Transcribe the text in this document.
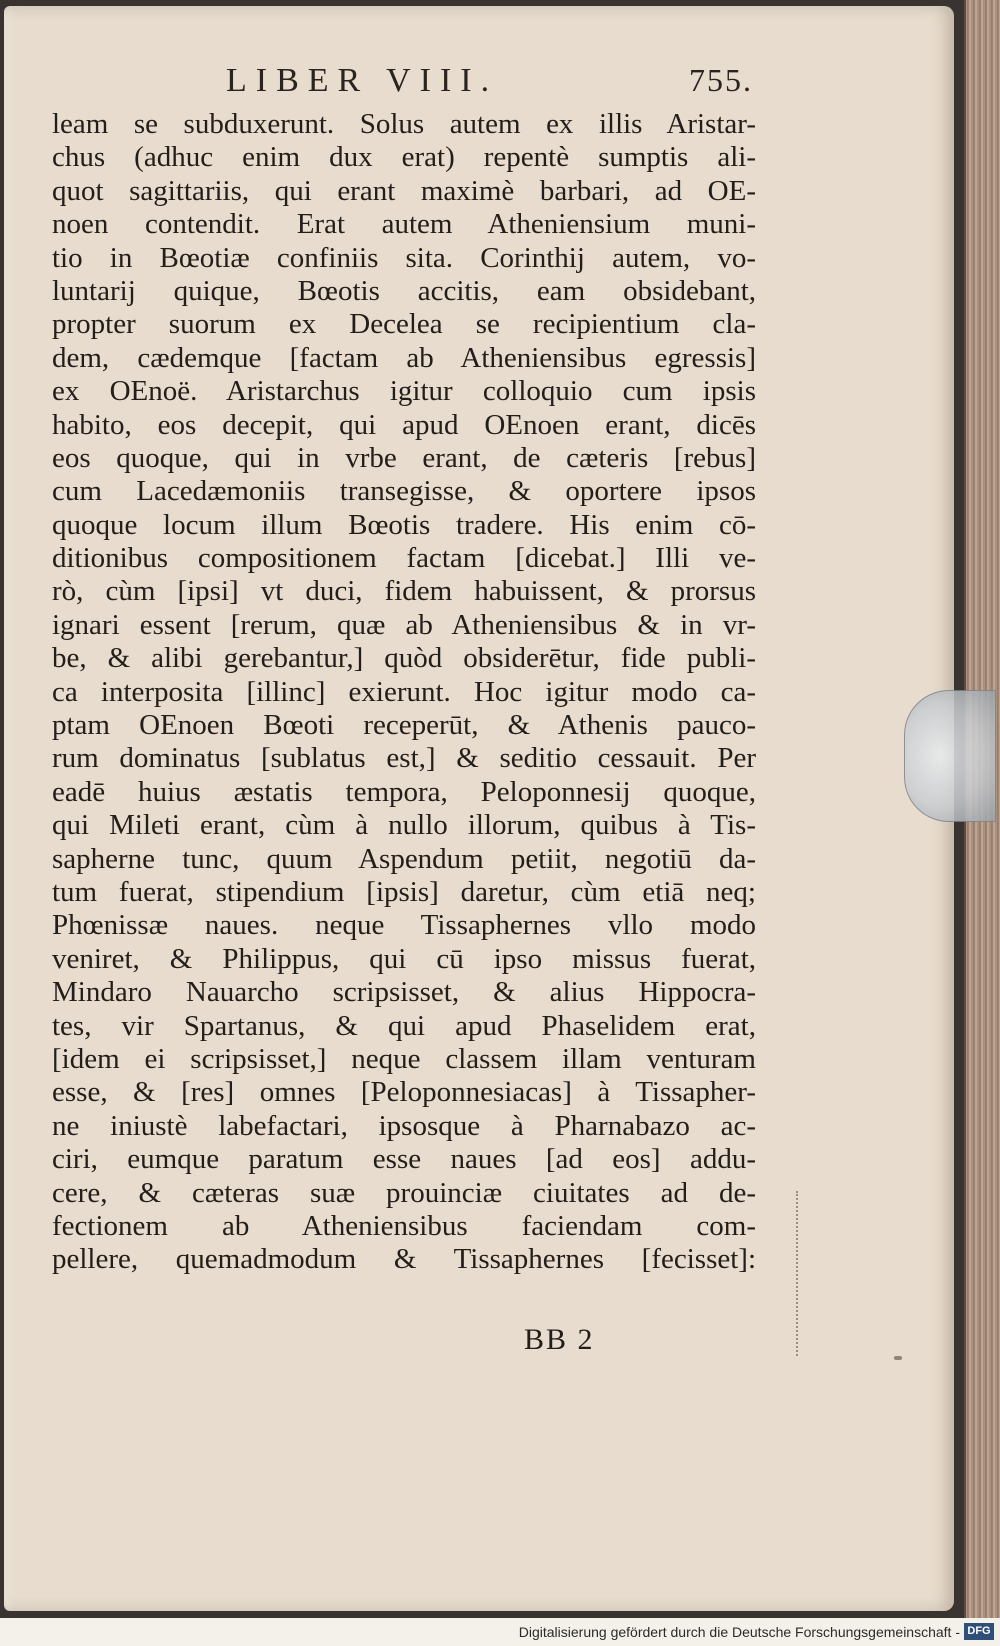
LIBER VIII.	755.
leam se subduxerunt. Solus autem ex illis Aristar-
chus (adhuc enim dux erat) repentè sumptis ali-
quot sagittariis, qui erant maximè barbari, ad OE-
noen contendit. Erat autem Atheniensium muni-
tio in Bœotiæ confiniis sita. Corinthij autem, vo-
luntarij quique, Bœotis accitis, eam obsidebant,
propter suorum ex Decelea se recipientium cla-
dem, cædemque [factam ab Atheniensibus egressis]
ex OEnoë. Aristarchus igitur colloquio cum ipsis
habito, eos decepit, qui apud OEnoen erant, dicēs
eos quoque, qui in vrbe erant, de cæteris [rebus]
cum Lacedæmoniis transegisse, & oportere ipsos
quoque locum illum Bœotis tradere. His enim cō-
ditionibus compositionem factam [dicebat.] Illi ve-
rò, cùm [ipsi] vt duci, fidem habuissent, & prorsus
ignari essent [rerum, quæ ab Atheniensibus & in vr-
be, & alibi gerebantur,] quòd obsiderētur, fide publi-
ca interposita [illinc] exierunt. Hoc igitur modo ca-
ptam OEnoen Bœoti receperūt, & Athenis pauco-
rum dominatus [sublatus est,] & seditio cessauit. Per
eadē huius æstatis tempora, Peloponnesij quoque,
qui Mileti erant, cùm à nullo illorum, quibus à Tis-
sapherne tunc, quum Aspendum petiit, negotiū da-
tum fuerat, stipendium [ipsis] daretur, cùm etiā neq;
Phœnissæ naues. neque Tissaphernes vllo modo
veniret, & Philippus, qui cū ipso missus fuerat,
Mindaro Nauarcho scripsisset, & alius Hippocra-
tes, vir Spartanus, & qui apud Phaselidem erat,
[idem ei scripsisset,] neque classem illam venturam
esse, & [res] omnes [Peloponnesiacas] à Tissapher-
ne iniustè labefactari, ipsosque à Pharnabazo ac-
ciri, eumque paratum esse naues [ad eos] addu-
cere, & cæteras suæ prouinciæ ciuitates ad de-
fectionem ab Atheniensibus faciendam com-
pellere, quemadmodum & Tissaphernes [fecisset]:
BB 2
Digitalisierung gefördert durch die Deutsche Forschungsgemeinschaft - DFG
